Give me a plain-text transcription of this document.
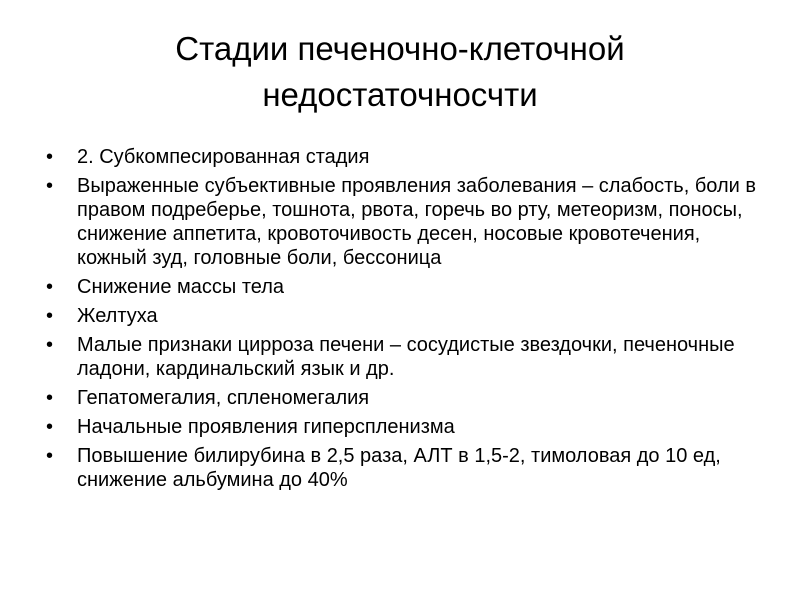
Стадии печеночно-клеточной
недостаточносчти
•	2. Субкомпесированная стадия
•	Выраженные субъективные проявления заболевания – слабость, боли в правом подреберье, тошнота, рвота, горечь во рту, метеоризм, поносы, снижение аппетита, кровоточивость десен, носовые кровотечения, кожный зуд, головные боли, бессоница
•	Снижение массы тела
•	Желтуха
•	Малые признаки цирроза печени – сосудистые звездочки, печеночные ладони, кардинальский язык и др.
•	Гепатомегалия, спленомегалия
•	Начальные проявления гиперспленизма
•	Повышение билирубина в 2,5 раза, АЛТ в 1,5-2, тимоловая до 10 ед, снижение альбумина до 40%
